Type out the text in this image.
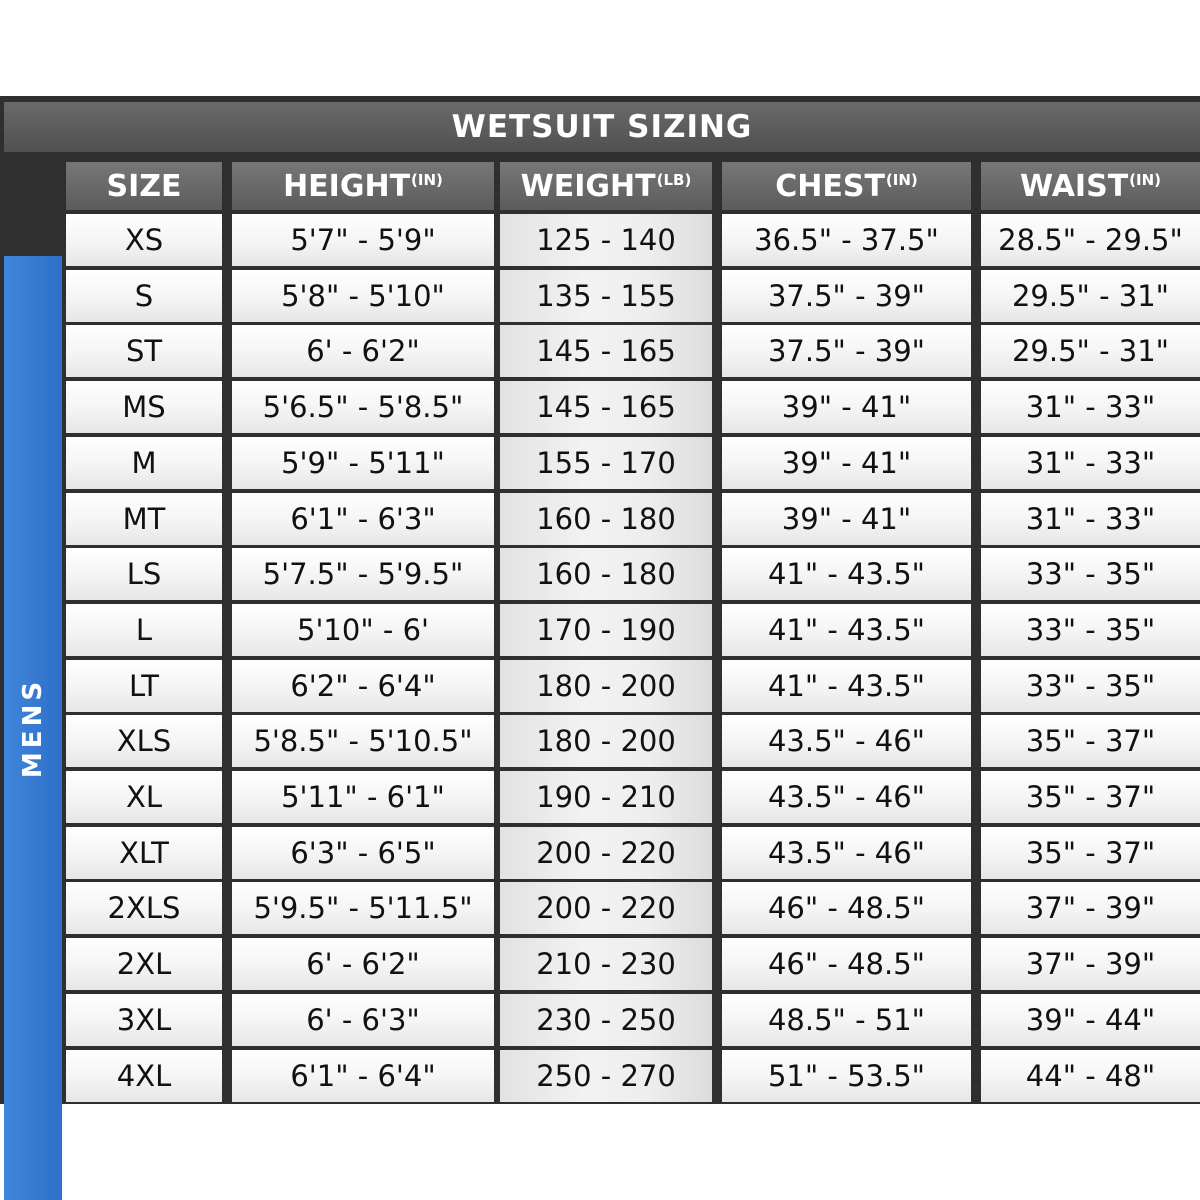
WETSUIT SIZING
MENS
SIZE	$HEIGHT^{(IN)}$	$WEIGHT^{(LB)}$	$CHEST^{(IN)}$	$WAIST^{(IN)}$
XS	5'7" - 5'9"	125 - 140	36.5" - 37.5"	28.5" - 29.5"
S	5'8" - 5'10"	135 - 155	37.5" - 39"	29.5" - 31"
ST	6' - 6'2"	145 - 165	37.5" - 39"	29.5" - 31"
MS	5'6.5" - 5'8.5"	145 - 165	39" - 41"	31" - 33"
M	5'9" - 5'11"	155 - 170	39" - 41"	31" - 33"
MT	6'1" - 6'3"	160 - 180	39" - 41"	31" - 33"
LS	5'7.5" - 5'9.5"	160 - 180	41" - 43.5"	33" - 35"
L	5'10" - 6'	170 - 190	41" - 43.5"	33" - 35"
LT	6'2" - 6'4"	180 - 200	41" - 43.5"	33" - 35"
XLS	5'8.5" - 5'10.5"	180 - 200	43.5" - 46"	35" - 37"
XL	5'11" - 6'1"	190 - 210	43.5" - 46"	35" - 37"
XLT	6'3" - 6'5"	200 - 220	43.5" - 46"	35" - 37"
2XLS	5'9.5" - 5'11.5"	200 - 220	46" - 48.5"	37" - 39"
2XL	6' - 6'2"	210 - 230	46" - 48.5"	37" - 39"
3XL	6' - 6'3"	230 - 250	48.5" - 51"	39" - 44"
4XL	6'1" - 6'4"	250 - 270	51" - 53.5"	44" - 48"
